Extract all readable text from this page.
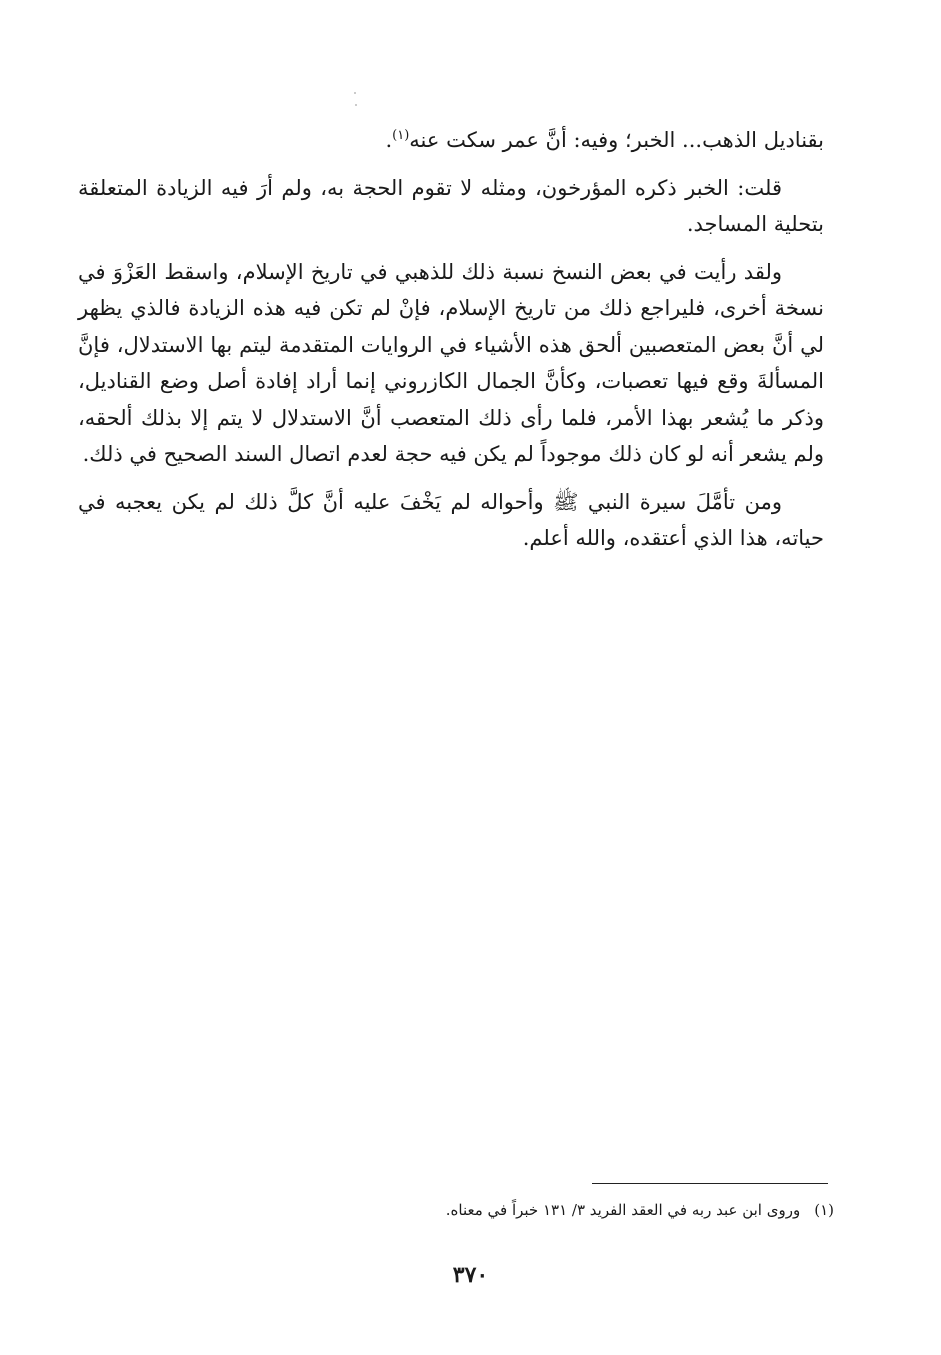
بقناديل الذهب... الخبر؛ وفيه: أنَّ عمر سكت عنه$^{(١)}$.

قلت: الخبر ذكره المؤرخون، ومثله لا تقوم الحجة به، ولم أرَ فيه الزيادة المتعلقة بتحلية المساجد.

ولقد رأيت في بعض النسخ نسبة ذلك للذهبي في تاريخ الإسلام، واسقط العَزْوَ في نسخة أخرى، فليراجع ذلك من تاريخ الإسلام، فإنْ لم تكن فيه هذه الزيادة فالذي يظهر لي أنَّ بعض المتعصبين ألحق هذه الأشياء في الروايات المتقدمة ليتم بها الاستدلال، فإنَّ المسألةَ وقع فيها تعصبات، وكأنَّ الجمال الكازروني إنما أراد إفادة أصل وضع القناديل، وذكر ما يُشعر بهذا الأمر، فلما رأى ذلك المتعصب أنَّ الاستدلال لا يتم إلا بذلك ألحقه، ولم يشعر أنه لو كان ذلك موجوداً لم يكن فيه حجة لعدم اتصال السند الصحيح في ذلك.

ومن تأمَّلَ سيرة النبي ﷺ وأحواله لم يَخْفَ عليه أنَّ كلَّ ذلك لم يكن يعجبه في حياته، هذا الذي أعتقده، والله أعلم.

(١)وروى ابن عبد ربه في العقد الفريد ٣/ ١٣١ خبراً في معناه.
٣٧٠
